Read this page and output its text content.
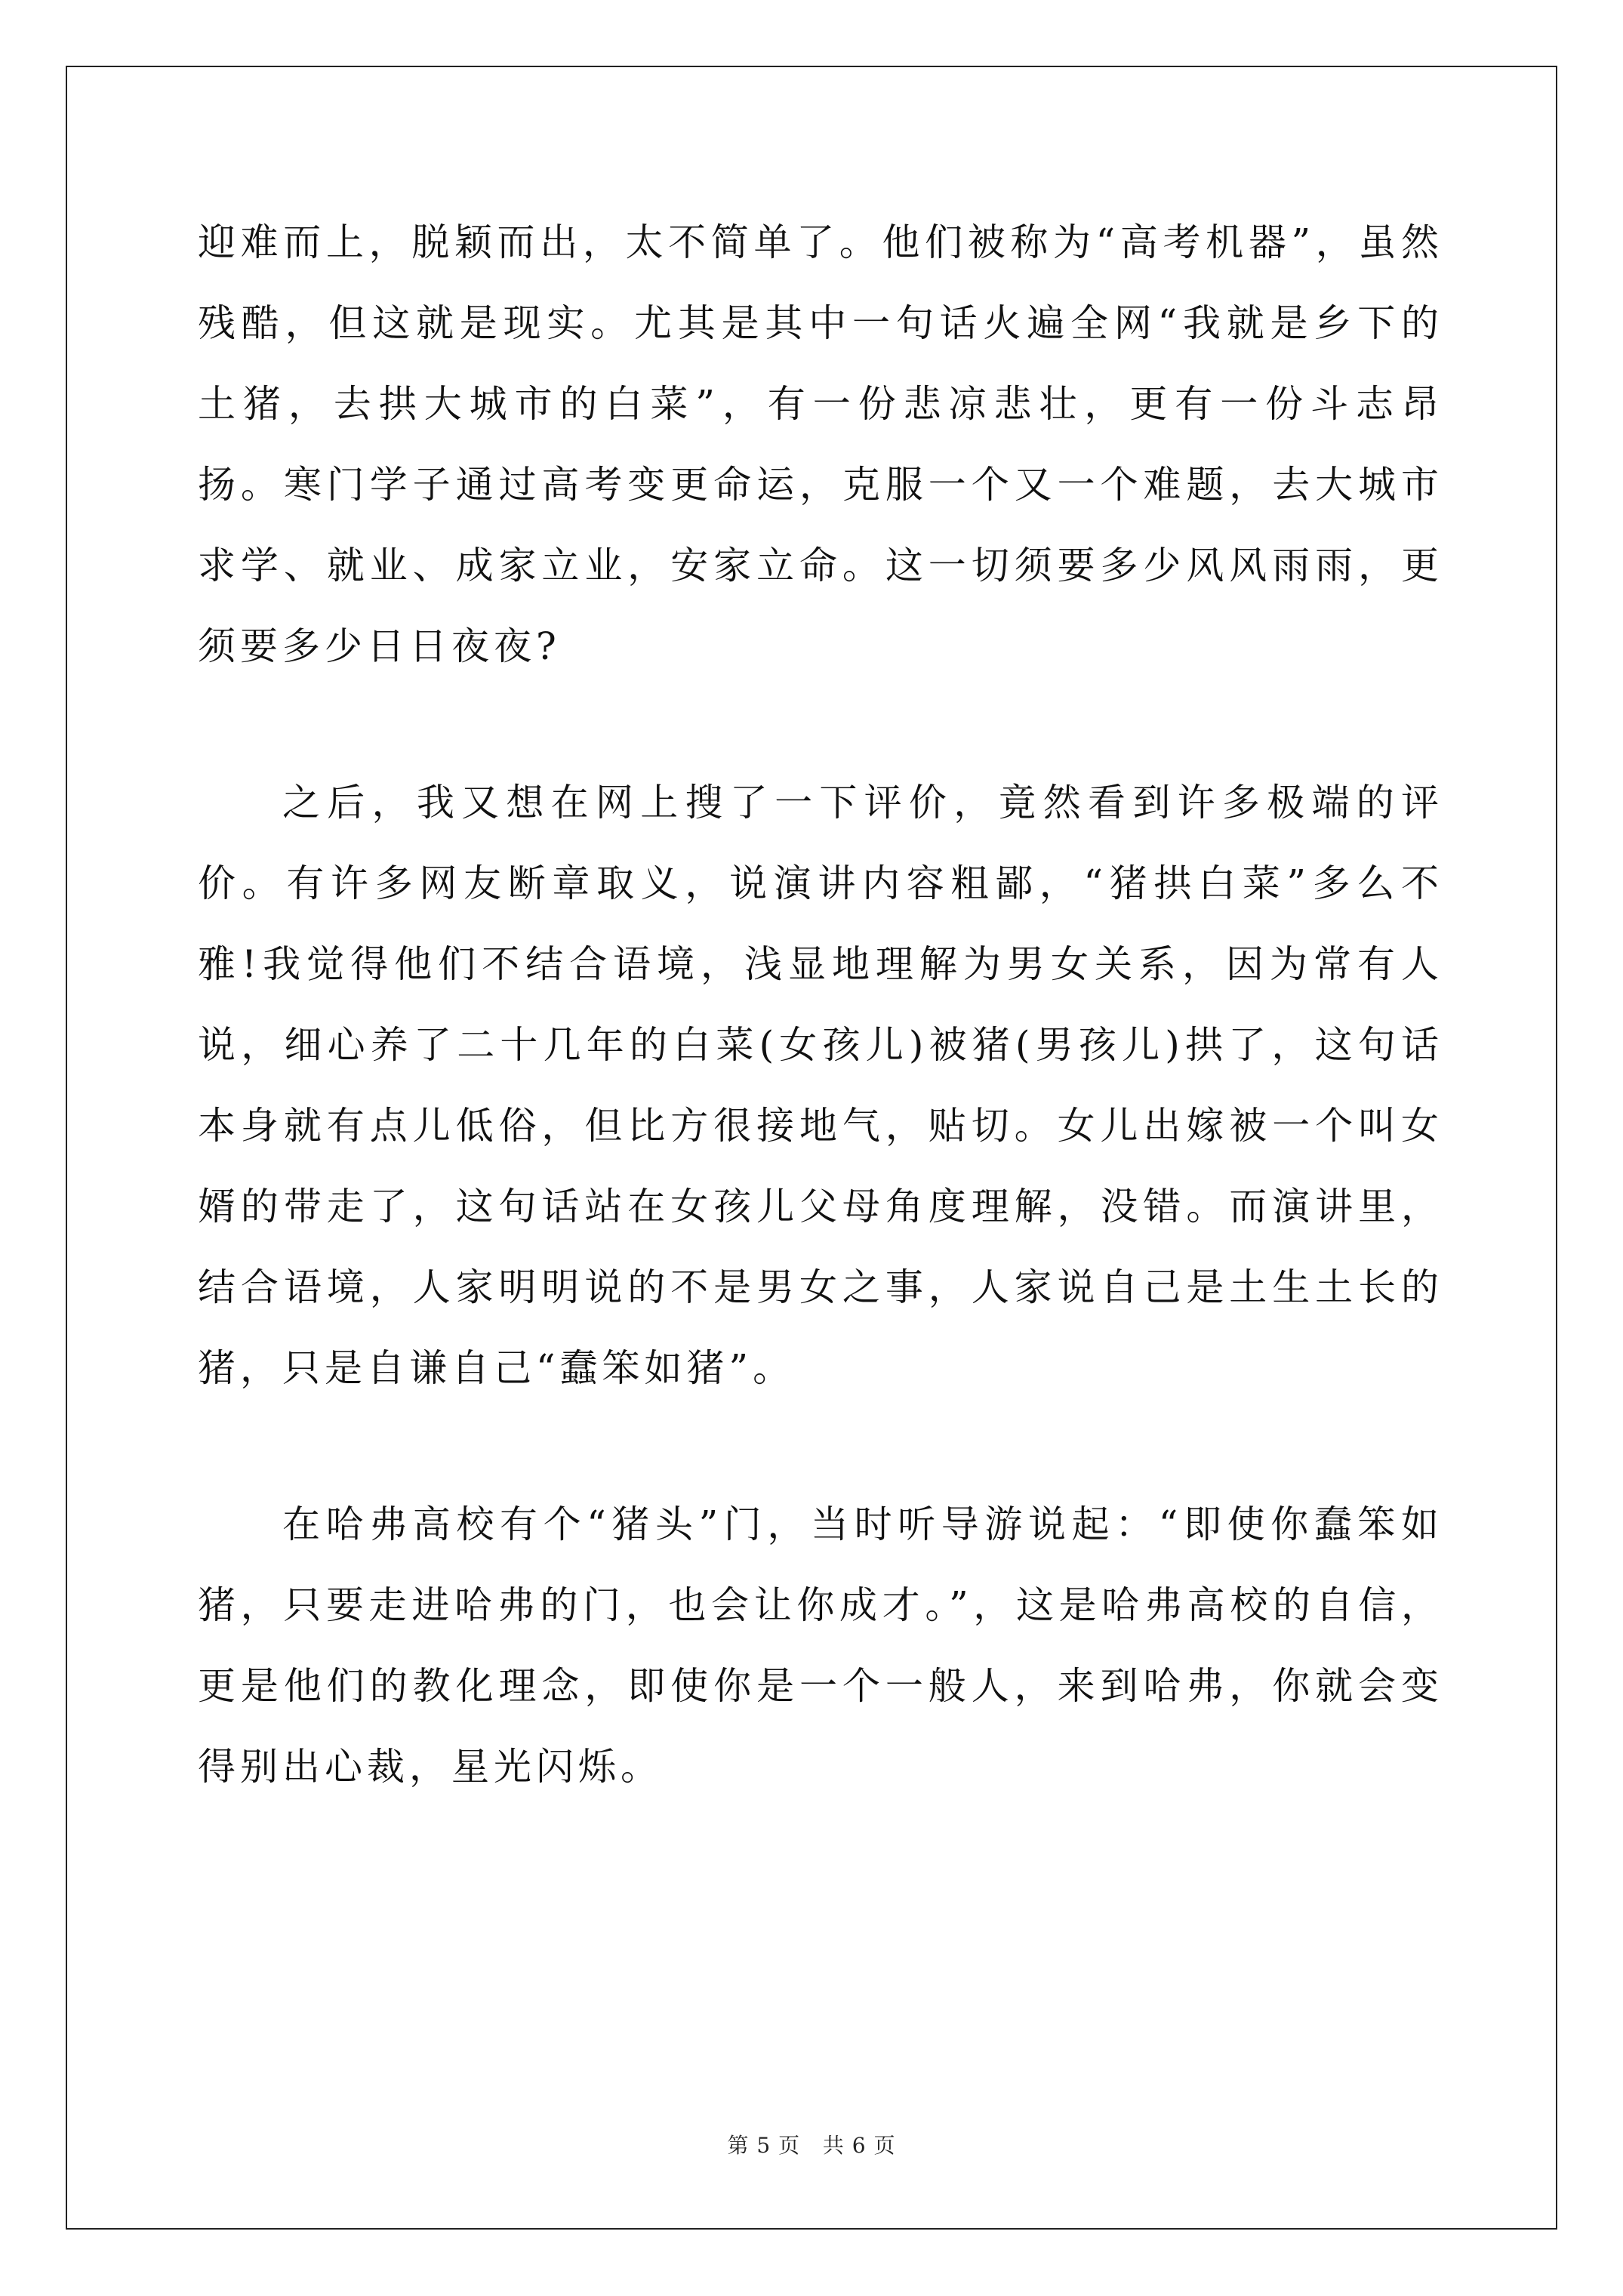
迎难而上，脱颖而出，太不简单了。他们被称为“高考机器”，虽然残酷，但这就是现实。尤其是其中一句话火遍全网“我就是乡下的土猪，去拱大城市的白菜”，有一份悲凉悲壮，更有一份斗志昂扬。寒门学子通过高考变更命运，克服一个又一个难题，去大城市求学、就业、成家立业，安家立命。这一切须要多少风风雨雨，更须要多少日日夜夜?

之后，我又想在网上搜了一下评价，竟然看到许多极端的评价。有许多网友断章取义，说演讲内容粗鄙，“猪拱白菜”多么不雅!我觉得他们不结合语境，浅显地理解为男女关系，因为常有人说，细心养了二十几年的白菜(女孩儿)被猪(男孩儿)拱了，这句话本身就有点儿低俗，但比方很接地气，贴切。女儿出嫁被一个叫女婿的带走了，这句话站在女孩儿父母角度理解，没错。而演讲里，结合语境，人家明明说的不是男女之事，人家说自己是土生土长的猪，只是自谦自己“蠢笨如猪”。

在哈弗高校有个“猪头”门，当时听导游说起：“即使你蠢笨如猪，只要走进哈弗的门，也会让你成才。”，这是哈弗高校的自信，更是他们的教化理念，即使你是一个一般人，来到哈弗，你就会变得别出心裁，星光闪烁。

第 5 页 共 6 页
